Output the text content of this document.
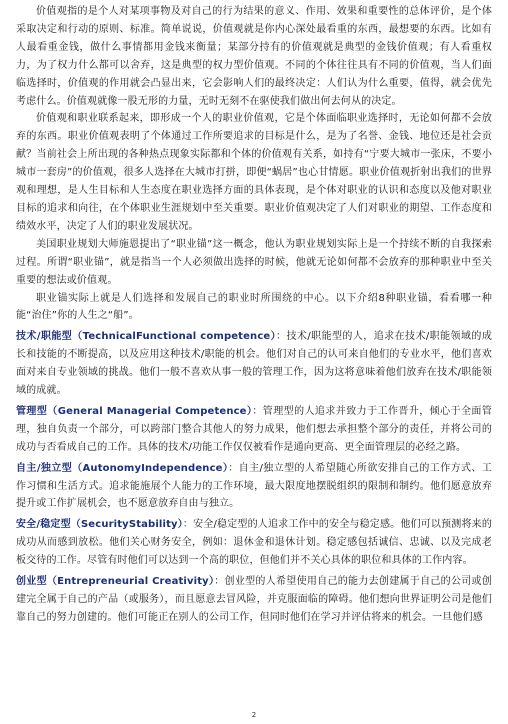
价值观指的是个人对某项事物及对自己的行为结果的意义、作用、效果和重要性的总体评价，是个体采取决定和行动的原则、标准。简单说说，价值观就是你内心深处最看重的东西，最想要的东西。比如有人最看重金钱，做什么事情都用金钱来衡量；某部分持有的价值观就是典型的金钱价值观；有人看重权力，为了权力什么都可以舍弃，这是典型的权力型价值观。不同的个体往往具有不同的价值观，当人们面临选择时，价值观的作用就会凸显出来，它会影响人们的最终决定：人们认为什么重要，值得，就会优先考虑什么。价值观就像一股无形的力量，无时无刻不在驱使我们做出何去何从的决定。

价值观和职业联系起来，即形成一个人的职业价值观，它是个体面临职业选择时，无论如何都不会放弃的东西。职业价值观表明了个体通过工作所要追求的目标是什么，是为了名誉、金钱、地位还是社会贡献？当前社会上所出现的各种热点现象实际都和个体的价值观有关系，如持有“宁要大城市一张床，不要小城市一套房”的价值观，很多人选择在大城市打拼，即便“蜗居”也心甘情愿。职业价值观折射出我们的世界观和理想，是人生目标和人生态度在职业选择方面的具体表现，是个体对职业的认识和态度以及他对职业目标的追求和向往，在个体职业生涯规划中至关重要。职业价值观决定了人们对职业的期望、工作态度和绩效水平，决定了人们的职业发展状况。

美国职业规划大师施恩提出了“职业锚”这一概念，他认为职业规划实际上是一个持续不断的自我探索过程。所谓“职业锚”，就是指当一个人必须做出选择的时候，他就无论如何都不会放弃的那种职业中至关重要的想法或价值观。

职业锚实际上就是人们选择和发展自己的职业时所围绕的中心。以下介绍8种职业锚，看看哪一种能“治住”你的人生之“船”。

技术/职能型（TechnicalFunctional competence）：技术/职能型的人，追求在技术/职能领域的成长和技能的不断提高，以及应用这种技术/职能的机会。他们对自己的认可来自他们的专业水平，他们喜欢面对来自专业领域的挑战。他们一般不喜欢从事一般的管理工作，因为这将意味着他们放弃在技术/职能领域的成就。

管理型（General Managerial Competence）：管理型的人追求并致力于工作晋升，倾心于全面管理，独自负责一个部分，可以跨部门整合其他人的努力成果，他们想去承担整个部分的责任，并将公司的成功与否看成自己的工作。具体的技术/功能工作仅仅被看作是通向更高、更全面管理层的必经之路。

自主/独立型（AutonomyIndependence）：自主/独立型的人希望随心所欲安排自己的工作方式、工作习惯和生活方式。追求能施展个人能力的工作环境，最大限度地摆脱组织的限制和制约。他们愿意放弃提升或工作扩展机会，也不愿意放弃自由与独立。

安全/稳定型（SecurityStability）：安全/稳定型的人追求工作中的安全与稳定感。他们可以预测将来的成功从而感到放松。他们关心财务安全，例如：退休金和退休计划。稳定感包括诚信、忠诚、以及完成老板交待的工作。尽管有时他们可以达到一个高的职位，但他们并不关心具体的职位和具体的工作内容。

创业型（Entrepreneurial Creativity）：创业型的人希望使用自己的能力去创建属于自己的公司或创建完全属于自己的产品（或服务），而且愿意去冒风险，并克服面临的障碍。他们想向世界证明公司是他们靠自己的努力创建的。他们可能正在别人的公司工作，但同时他们在学习并评估将来的机会。一旦他们感

2
